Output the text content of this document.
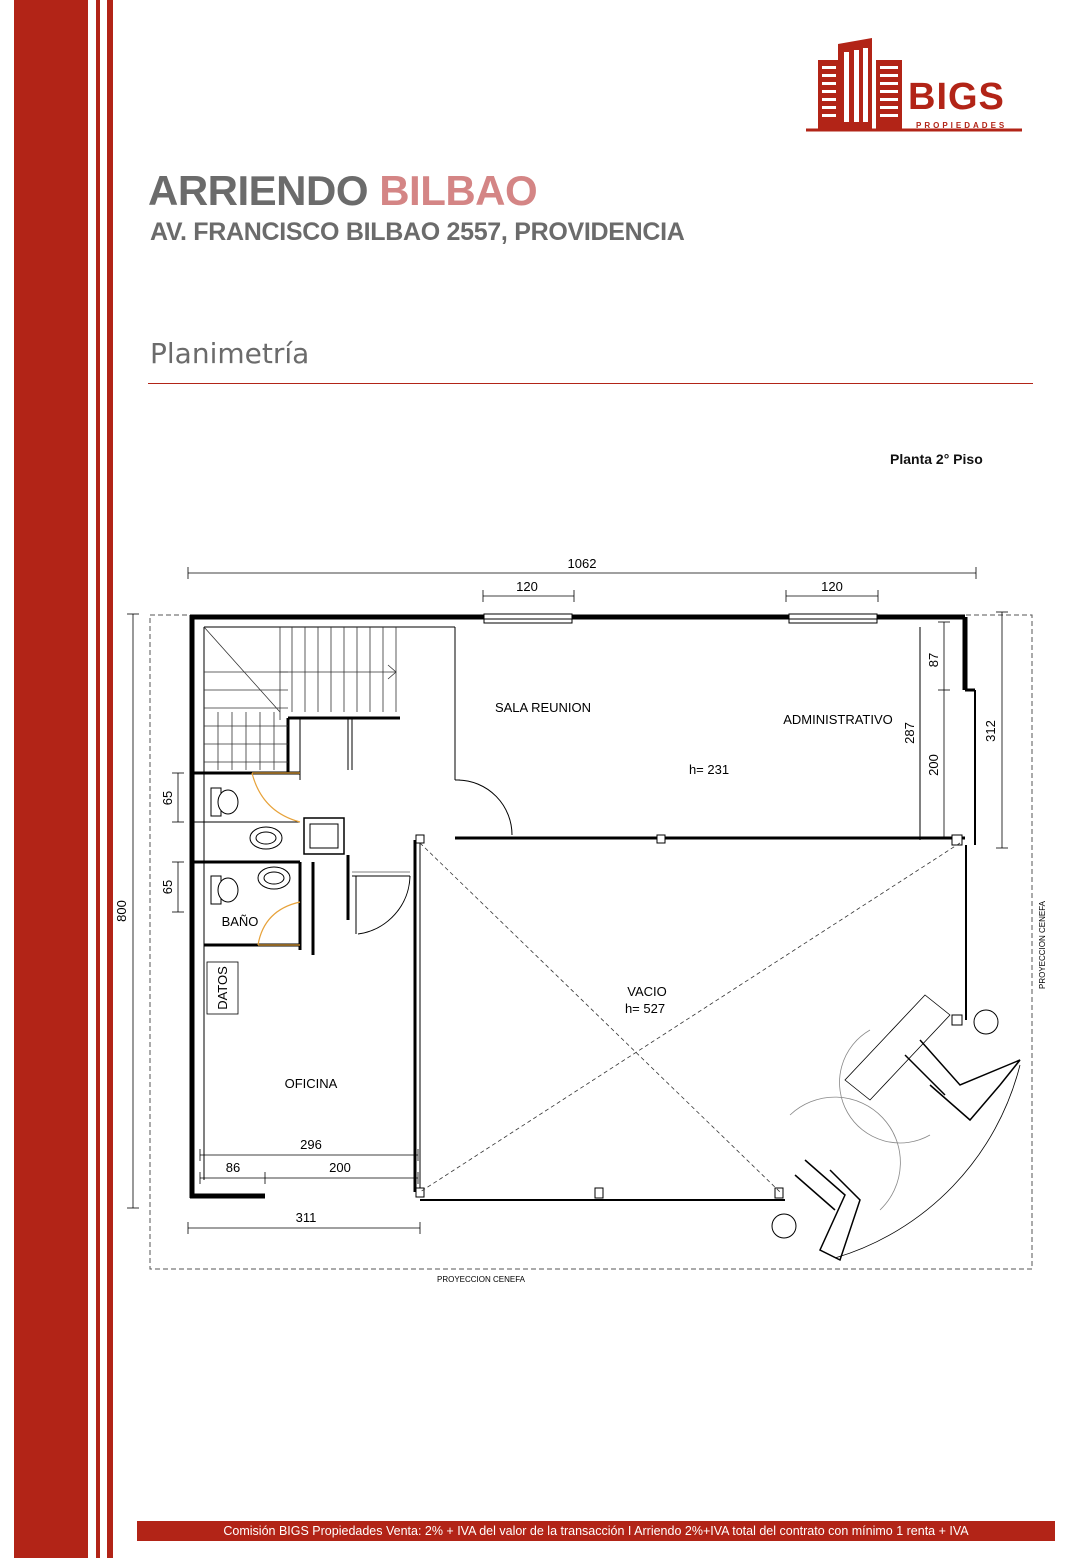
BIGS
PROPIEDADES
ARRIENDO BILBAO
AV. FRANCISCO BILBAO 2557, PROVIDENCIA
Planimetría
Planta 2° Piso
1062
120	120
800
312
287
87
200
65
65
296
86	200
311
SALA REUNION
h= 231
ADMINISTRATIVO
BAÑO
DATOS
OFICINA
VACIO
h= 527
PROYECCION CENEFA
PROYECCION CENEFA
Comisión BIGS Propiedades Venta: 2% + IVA del valor de la transacción I Arriendo 2%+IVA total del contrato con mínimo 1 renta + IVA
